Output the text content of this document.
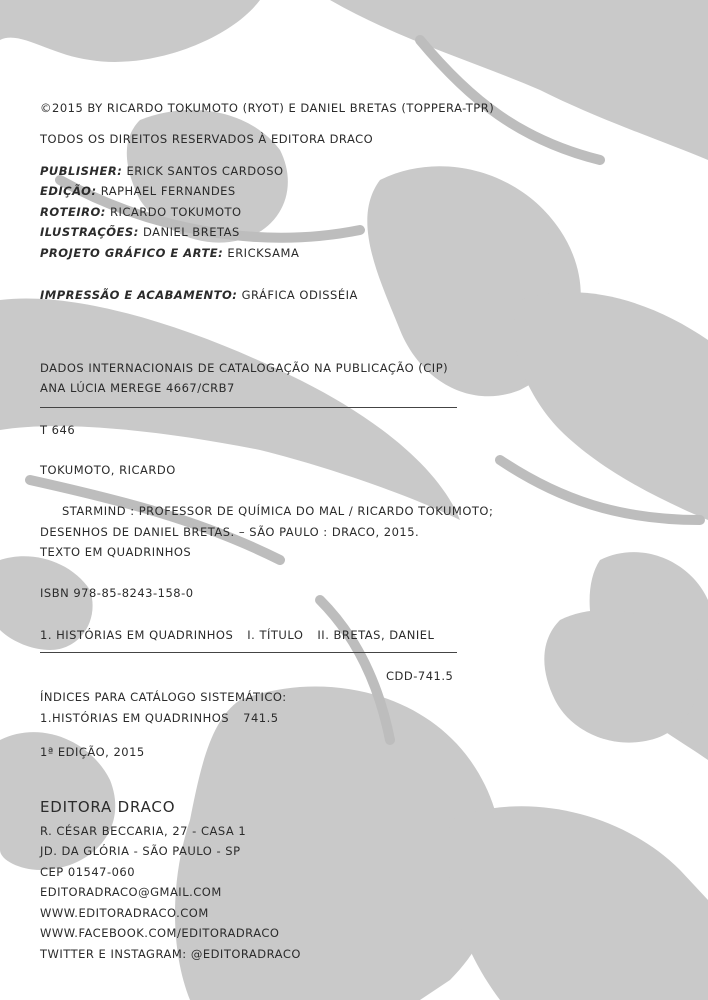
©2015 BY RICARDO TOKUMOTO (RYOT) E DANIEL BRETAS (TOPPERA-TPR)
TODOS OS DIREITOS RESERVADOS À EDITORA DRACO
PUBLISHER: ERICK SANTOS CARDOSO
EDIÇÃO: RAPHAEL FERNANDES
ROTEIRO: RICARDO TOKUMOTO
ILUSTRAÇÕES: DANIEL BRETAS
PROJETO GRÁFICO E ARTE: ERICKSAMA
IMPRESSÃO E ACABAMENTO: GRÁFICA ODISSÉIA
DADOS INTERNACIONAIS DE CATALOGAÇÃO NA PUBLICAÇÃO (CIP)
ANA LÚCIA MEREGE 4667/CRB7
T 646
TOKUMOTO, RICARDO
STARMIND : PROFESSOR DE QUÍMICA DO MAL / RICARDO TOKUMOTO;
DESENHOS DE DANIEL BRETAS. – SÃO PAULO : DRACO, 2015.
TEXTO EM QUADRINHOS
ISBN 978-85-8243-158-0
1. HISTÓRIAS EM QUADRINHOS I. TÍTULO II. BRETAS, DANIEL
CDD-741.5
ÍNDICES PARA CATÁLOGO SISTEMÁTICO:
1.HISTÓRIAS EM QUADRINHOS 741.5
1ª EDIÇÃO, 2015
EDITORA DRACO
R. CÉSAR BECCARIA, 27 - CASA 1
JD. DA GLÓRIA - SÃO PAULO - SP
CEP 01547-060
EDITORADRACO@GMAIL.COM
WWW.EDITORADRACO.COM
WWW.FACEBOOK.COM/EDITORADRACO
TWITTER E INSTAGRAM: @EDITORADRACO
